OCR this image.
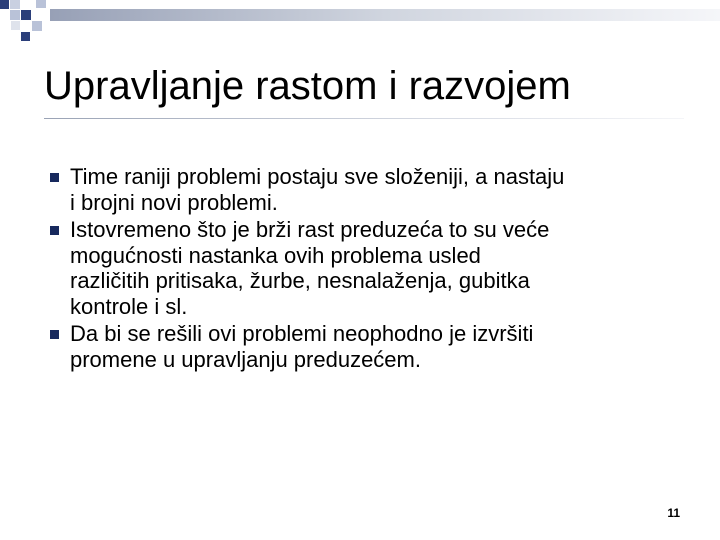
Upravljanje rastom i razvojem
Time raniji problemi postaju sve složeniji, a nastaju
i brojni novi problemi.
Istovremeno što je brži rast preduzeća to su veće
mogućnosti nastanka ovih problema usled
različitih pritisaka, žurbe, nesnalaženja, gubitka
kontrole i sl.
Da bi se rešili ovi problemi neophodno je izvršiti
promene u upravljanju preduzećem.
11
